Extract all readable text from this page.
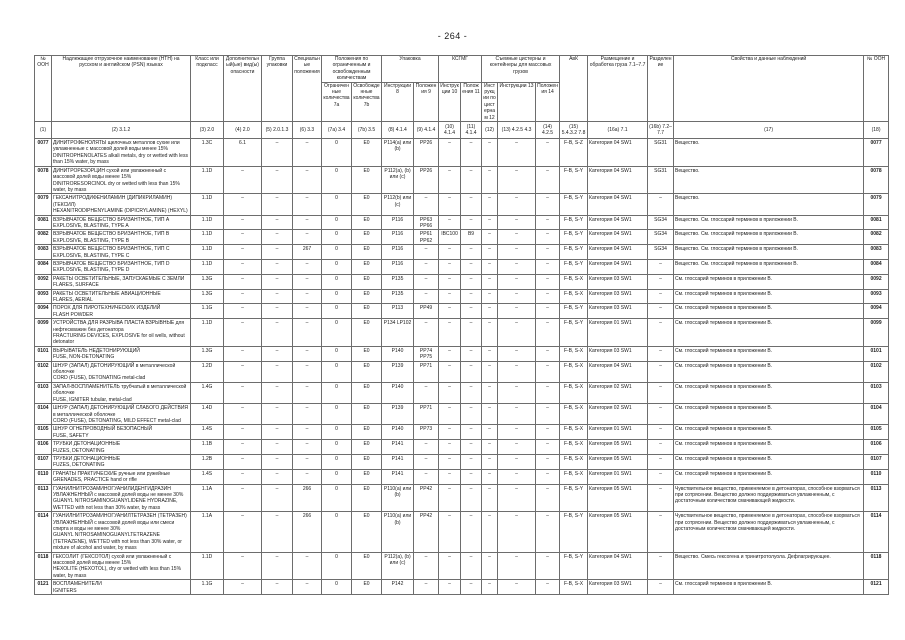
- 264 -
№ ООН	Надлежащее отгрузочное наименование (НТН) на русском и английском (PSN) языках	Класс или подкласс	Дополнительный(ые) вид(ы) опасности	Группа упаковки	Специальные положения	Положения по ограниченным и освобожденным количествам		Упаковка		КСГМГ		Съемные цистерны и контейнеры для массовых грузов			АвК	Размещение и обработка груза 7.1–7.7	Разделение	Свойства и данные наблюдений	№ ООН
						Ограниченные количества 7а	Освобожденные количества 7b	Инструкции 8	Положения 9	Инструкции 10	Положения 11	Инструкции по цистернам 12	Инструкции 13	Положения 14					
(1)	(2) 3.1.2	(3) 2.0	(4) 2.0	(5) 2.0.1.3	(6) 3.3	(7а) 3.4	(7b) 3.5	(8) 4.1.4	(9) 4.1.4	(10) 4.1.4	(11) 4.1.4	(12)	(13) 4.2.5 4.3	(14) 4.2.5	(15) 5.4.3.2 7.8	(16a) 7.1	(16b) 7.2–7.7	(17)	(18)
0077	ДИНИТРОФЕНОЛЯТЫ щелочных металлов сухие или увлажненные с массовой долей воды менее 15%
DINITROPHENOLATES alkali metals, dry or wetted with less than 15% water, by mass	1.3C	6.1	–	–	0	E0	P114(a) или (b)	PP26	–	–	–	–	–	F-B, S-Z	Категория 04 SW1	SG31	Вещество.	0077
0078	ДИНИТРОРЕЗОРЦИН сухой или увлажненный с массовой долей воды менее 15%
DINITRORESORCINOL dry or wetted with less than 15% water, by mass	1.1D	–	–	–	0	E0	P112(a), (b) или (c)	PP26	–	–	–	–	–	F-B, S-Y	Категория 04 SW1	SG31	Вещество.	0078
0079	ГЕКСАНИТРОДИФЕНИЛАМИН (ДИПИКРИЛАМИН) (ГЕКСИЛ)
HEXANITRODIPHENYLAMINE (DIPICRYLAMINE) (HEXYL)	1.1D	–	–	–	0	E0	P112(b) или (c)	–	–	–	–	–	–	F-B, S-Y	Категория 04 SW1	–	Вещество.	0079
0081	ВЗРЫВЧАТОЕ ВЕЩЕСТВО БРИЗАНТНОЕ, ТИП A
EXPLOSIVE, BLASTING, TYPE A	1.1D	–	–	–	0	E0	P116	PP63 PP66	–	–	–	–	–	F-B, S-Y	Категория 04 SW1	SG34	Вещество. См. глоссарий терминов в приложении B.	0081
0082	ВЗРЫВЧАТОЕ ВЕЩЕСТВО БРИЗАНТНОЕ, ТИП B
EXPLOSIVE, BLASTING, TYPE B	1.1D	–	–	–	0	E0	P116	PP61 PP62	IBC100	B9	–	–	–	F-B, S-Y	Категория 04 SW1	SG34	Вещество. См. глоссарий терминов в приложении B.	0082
0083	ВЗРЫВЧАТОЕ ВЕЩЕСТВО БРИЗАНТНОЕ, ТИП C
EXPLOSIVE, BLASTING, TYPE C	1.1D	–	–	267	0	E0	P116	–	–	–	–	–	–	F-B, S-Y	Категория 04 SW1	SG34	Вещество. См. глоссарий терминов в приложении B.	0083
0084	ВЗРЫВЧАТОЕ ВЕЩЕСТВО БРИЗАНТНОЕ, ТИП D
EXPLOSIVE, BLASTING, TYPE D	1.1D	–	–	–	0	E0	P116	–	–	–	–	–	–	F-B, S-Y	Категория 04 SW1	–	Вещество. См. глоссарий терминов в приложении B.	0084
0092	РАКЕТЫ ОСВЕТИТЕЛЬНЫЕ, ЗАПУСКАЕМЫЕ С ЗЕМЛИ
FLARES, SURFACE	1.3G	–	–	–	0	E0	P135	–	–	–	–	–	–	F-B, S-X	Категория 03 SW1	–	См. глоссарий терминов в приложении B.	0092
0093	РАКЕТЫ ОСВЕТИТЕЛЬНЫЕ АВИАЦИОННЫЕ
FLARES, AERIAL	1.3G	–	–	–	0	E0	P135	–	–	–	–	–	–	F-B, S-X	Категория 03 SW1	–	См. глоссарий терминов в приложении B.	0093
0094	ПОРОХ ДЛЯ ПИРОТЕХНИЧЕСКИХ ИЗДЕЛИЙ
FLASH POWDER	1.1G	–	–	–	0	E0	P113	PP49	–	–	–	–	–	F-B, S-Y	Категория 03 SW1	–	См. глоссарий терминов в приложении B.	0094
0099	УСТРОЙСТВА ДЛЯ РАЗРЫВА ПЛАСТА ВЗРЫВНЫЕ для нефтескважин без детонатора
FRACTURING DEVICES, EXPLOSIVE for oil wells, without detonator	1.1D	–	–	–	0	E0	P134 LP102	–	–	–	–	–	–	F-B, S-Y	Категория 01 SW1	–	См. глоссарий терминов в приложении B.	0099
0101	ВЫРЫВАТЕЛЬ НЕДЕТОНИРУЮЩИЙ
FUSE, NON-DETONATING	1.3G	–	–	–	0	E0	P140	PP74 PP75	–	–	–	–	–	F-B, S-X	Категория 03 SW1	–	См. глоссарий терминов в приложении B.	0101
0102	ШНУР (ЗАПАЛ) ДЕТОНИРУЮЩИЙ в металлической оболочке
CORD (FUSE), DETONATING metal-clad	1.2D	–	–	–	0	E0	P139	PP71	–	–	–	–	–	F-B, S-X	Категория 04 SW1	–	См. глоссарий терминов в приложении B.	0102
0103	ЗАПАЛ-ВОСПЛАМЕНИТЕЛЬ трубчатый в металлической оболочке
FUSE, IGNITER tubular, metal-clad	1.4G	–	–	–	0	E0	P140	–	–	–	–	–	–	F-B, S-X	Категория 02 SW1	–	См. глоссарий терминов в приложении B.	0103
0104	ШНУР (ЗАПАЛ) ДЕТОНИРУЮЩИЙ СЛАБОГО ДЕЙСТВИЯ в металлической оболочке
CORD (FUSE), DETONATING, MILD EFFECT metal-clad	1.4D	–	–	–	0	E0	P139	PP71	–	–	–	–	–	F-B, S-X	Категория 02 SW1	–	См. глоссарий терминов в приложении B.	0104
0105	ШНУР ОГНЕПРОВОДНЫЙ БЕЗОПАСНЫЙ
FUSE, SAFETY	1.4S	–	–	–	0	E0	P140	PP73	–	–	–	–	–	F-B, S-X	Категория 01 SW1	–	См. глоссарий терминов в приложении B.	0105
0106	ТРУБКИ ДЕТОНАЦИОННЫЕ
FUZES, DETONATING	1.1B	–	–	–	0	E0	P141	–	–	–	–	–	–	F-B, S-X	Категория 05 SW1	–	См. глоссарий терминов в приложении B.	0106
0107	ТРУБКИ ДЕТОНАЦИОННЫЕ
FUZES, DETONATING	1.2B	–	–	–	0	E0	P141	–	–	–	–	–	–	F-B, S-X	Категория 05 SW1	–	См. глоссарий терминов в приложении B.	0107
0110	ГРАНАТЫ ПРАКТИЧЕСКИЕ ручные или ружейные
GRENADES, PRACTICE hand or rifle	1.4S	–	–	–	0	E0	P141	–	–	–	–	–	–	F-B, S-X	Категория 01 SW1	–	См. глоссарий терминов в приложении B.	0110
0113	ГУАНИЛНИТРОЗАМИНОГУАНИЛИДЕНГИДРАЗИН УВЛАЖНЕННЫЙ с массовой долей воды не менее 30%
GUANYL NITROSAMINOGUANYLIDENE HYDRAZINE, WETTED with not less than 30% water, by mass	1.1A	–	–	266	0	E0	P110(a) или (b)	PP42	–	–	–	–	–	F-B, S-Y	Категория 05 SW1	–	Чувствительное вещество, применяемое в детонаторах, способное взорваться при сотрясении. Вещество должно поддерживаться увлажненным, с достаточным количеством смачивающей жидкости.	0113
0114	ГУАНИЛНИТРОЗАМИНОГУАНИЛТЕТРАЗЕН (ТЕТРАЗЕН) УВЛАЖНЕННЫЙ с массовой долей воды или смеси спирта и воды не менее 30%
GUANYL NITROSAMINOGUANYLTETRAZENE (TETRAZENE), WETTED with not less than 30% water, or mixture of alcohol and water, by mass	1.1A	–	–	266	0	E0	P110(a) или (b)	PP42	–	–	–	–	–	F-B, S-Y	Категория 05 SW1	–	Чувствительное вещество, применяемое в детонаторах, способное взорваться при сотрясении. Вещество должно поддерживаться увлажненным, с достаточным количеством смачивающей жидкости.	0114
0118	ГЕКСОЛИТ (ГЕКСОТОЛ) сухой или увлажненный с массовой долей воды менее 15%
HEXOLITE (HEXOTOL), dry or wetted with less than 15% water, by mass	1.1D	–	–	–	0	E0	P112(a), (b) или (c)	–	–	–	–	–	–	F-B, S-Y	Категория 04 SW1	–	Вещество. Смесь гексогена и тринитротолуола. Дефлагрирующее.	0118
0121	ВОСПЛАМЕНИТЕЛИ
IGNITERS	1.1G	–	–	–	0	E0	P142	–	–	–	–	–	–	F-B, S-X	Категория 03 SW1	–	См. глоссарий терминов в приложении B.	0121
